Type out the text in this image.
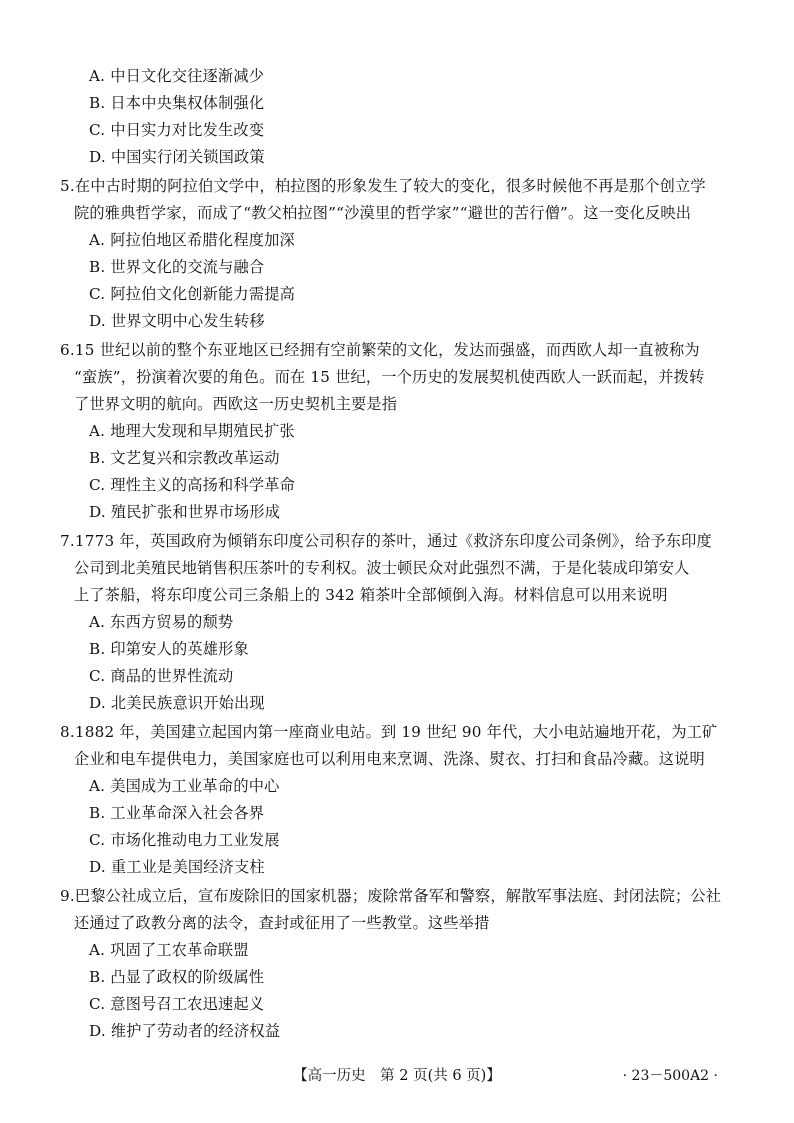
A. 中日文化交往逐渐减少
B. 日本中央集权体制强化
C. 中日实力对比发生改变
D. 中国实行闭关锁国政策
5.在中古时期的阿拉伯文学中，柏拉图的形象发生了较大的变化，很多时候他不再是那个创立学
院的雅典哲学家，而成了“教父柏拉图”“沙漠里的哲学家”“避世的苦行僧”。这一变化反映出
A. 阿拉伯地区希腊化程度加深
B. 世界文化的交流与融合
C. 阿拉伯文化创新能力需提高
D. 世界文明中心发生转移
6.15 世纪以前的整个东亚地区已经拥有空前繁荣的文化，发达而强盛，而西欧人却一直被称为
“蛮族”，扮演着次要的角色。而在 15 世纪，一个历史的发展契机使西欧人一跃而起，并拨转
了世界文明的航向。西欧这一历史契机主要是指
A. 地理大发现和早期殖民扩张
B. 文艺复兴和宗教改革运动
C. 理性主义的高扬和科学革命
D. 殖民扩张和世界市场形成
7.1773 年，英国政府为倾销东印度公司积存的茶叶，通过《救济东印度公司条例》，给予东印度
公司到北美殖民地销售积压茶叶的专利权。波士顿民众对此强烈不满，于是化装成印第安人
上了茶船，将东印度公司三条船上的 342 箱茶叶全部倾倒入海。材料信息可以用来说明
A. 东西方贸易的颓势
B. 印第安人的英雄形象
C. 商品的世界性流动
D. 北美民族意识开始出现
8.1882 年，美国建立起国内第一座商业电站。到 19 世纪 90 年代，大小电站遍地开花，为工矿
企业和电车提供电力，美国家庭也可以利用电来烹调、洗涤、熨衣、打扫和食品冷藏。这说明
A. 美国成为工业革命的中心
B. 工业革命深入社会各界
C. 市场化推动电力工业发展
D. 重工业是美国经济支柱
9.巴黎公社成立后，宣布废除旧的国家机器；废除常备军和警察，解散军事法庭、封闭法院；公社
还通过了政教分离的法令，查封或征用了一些教堂。这些举措
A. 巩固了工农革命联盟
B. 凸显了政权的阶级属性
C. 意图号召工农迅速起义
D. 维护了劳动者的经济权益
【高一历史　第 2 页(共 6 页)】	· 23－500A2 ·
